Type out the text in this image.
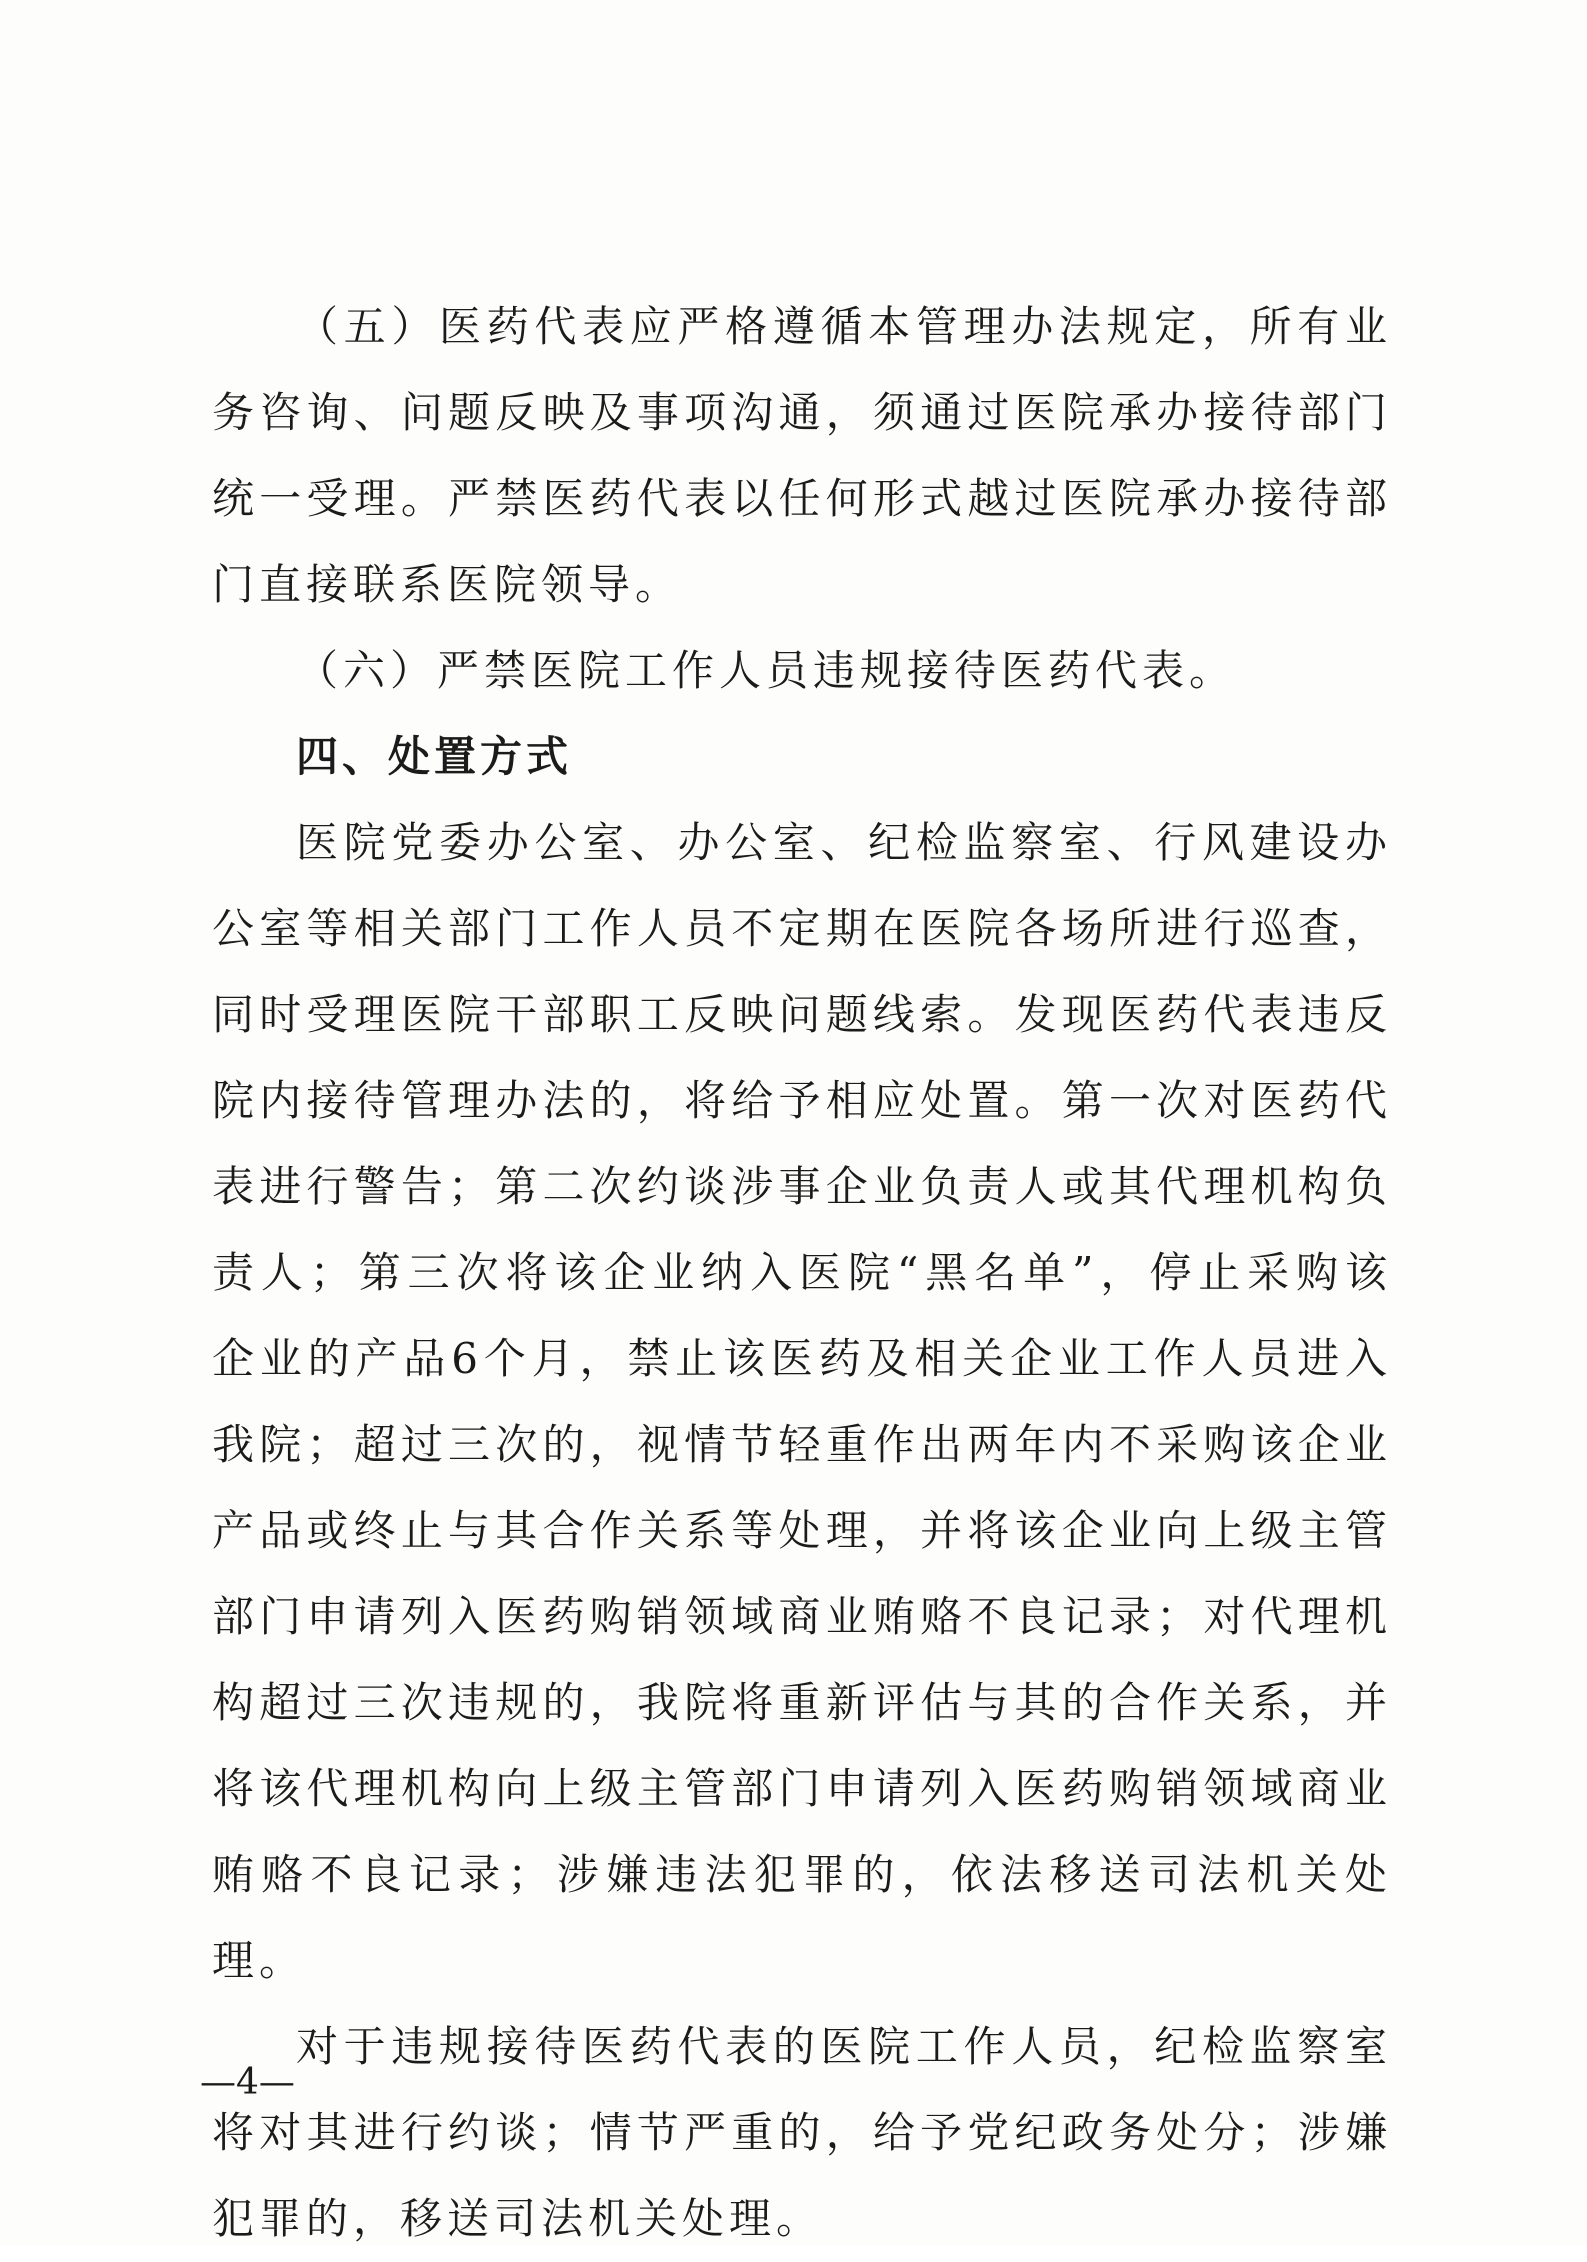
（五）医药代表应严格遵循本管理办法规定，所有业务咨询、问题反映及事项沟通，须通过医院承办接待部门统一受理。严禁医药代表以任何形式越过医院承办接待部门直接联系医院领导。

（六）严禁医院工作人员违规接待医药代表。

四、处置方式

医院党委办公室、办公室、纪检监察室、行风建设办公室等相关部门工作人员不定期在医院各场所进行巡查，同时受理医院干部职工反映问题线索。发现医药代表违反院内接待管理办法的，将给予相应处置。第一次对医药代表进行警告；第二次约谈涉事企业负责人或其代理机构负责人；第三次将该企业纳入医院“黑名单”，停止采购该企业的产品6个月，禁止该医药及相关企业工作人员进入我院；超过三次的，视情节轻重作出两年内不采购该企业产品或终止与其合作关系等处理，并将该企业向上级主管部门申请列入医药购销领域商业贿赂不良记录；对代理机构超过三次违规的，我院将重新评估与其的合作关系，并将该代理机构向上级主管部门申请列入医药购销领域商业贿赂不良记录；涉嫌违法犯罪的，依法移送司法机关处理。

对于违规接待医药代表的医院工作人员，纪检监察室将对其进行约谈；情节严重的，给予党纪政务处分；涉嫌犯罪的，移送司法机关处理。

—4—
